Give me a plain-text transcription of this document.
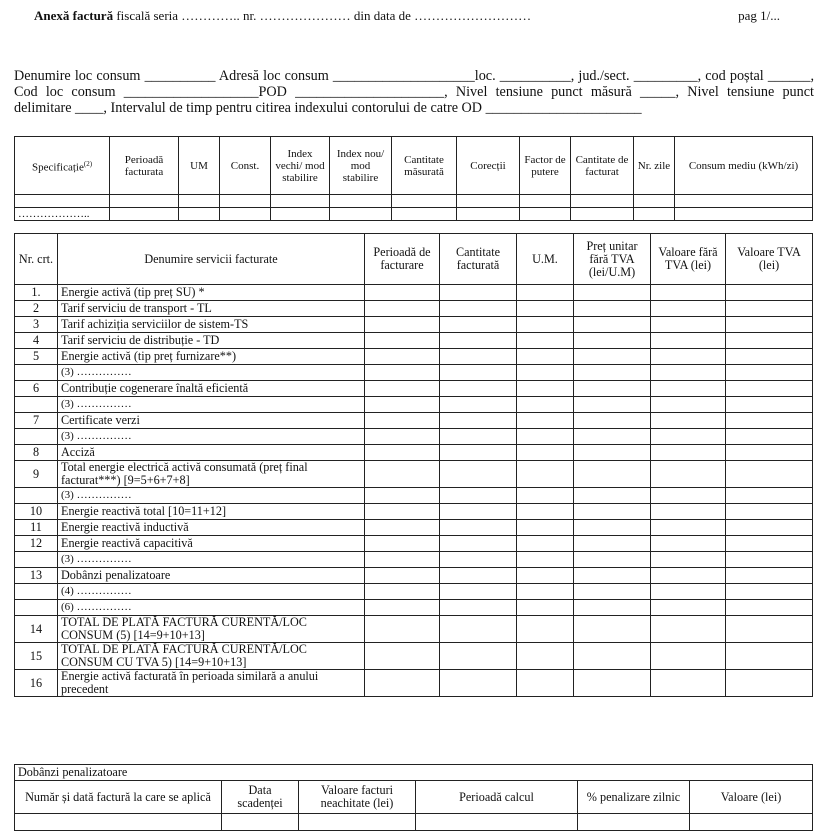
Anexă factură fiscală seria ………….. nr. ………………… din data de ………………………	pag 1/...
Denumire loc consum __________ Adresă loc consum ____________________loc. __________, jud./sect. _________, cod poștal ______, Cod loc consum ___________________POD _____________________, Nivel tensiune punct măsură _____, Nivel tensiune punct delimitare ____, Intervalul de timp pentru citirea indexului contorului de catre OD ______________________
Specificație$^{(2)}$	Perioadă facturata	UM	Const.	Index vechi/ mod stabilire	Index nou/ mod stabilire	Cantitate măsurată	Corecții	Factor de putere	Cantitate de facturat	Nr. zile	Consum mediu (kWh/zi)

………………..											
Nr. crt.	Denumire servicii facturate	Perioadă de facturare	Cantitate facturată	U.M.	Preț unitar fără TVA (lei/U.M)	Valoare fără TVA (lei)	Valoare TVA (lei)
1.	Energie activă (tip preț SU) *						
2	Tarif serviciu de transport - TL						
3	Tarif achiziția serviciilor de sistem-TS						
4	Tarif serviciu de distribuție - TD						
5	Energie activă (tip preț furnizare**)						
	(3) ……………						
6	Contribuție cogenerare înaltă eficientă						
	(3) ……………						
7	Certificate verzi						
	(3) ……………						
8	Acciză						
9	Total energie electrică activă consumată (preț final facturat***) [9=5+6+7+8]						
	(3) ……………						
10	Energie reactivă total [10=11+12]						
11	Energie reactivă inductivă						
12	Energie reactivă capacitivă						
	(3) ……………						
13	Dobânzi penalizatoare						
	(4) ……………						
	(6) ……………						
14	TOTAL DE PLATĂ FACTURĂ CURENTĂ/LOC CONSUM (5) [14=9+10+13]						
15	TOTAL DE PLATĂ FACTURĂ CURENTĂ/LOC CONSUM CU TVA 5) [14=9+10+13]						
16	Energie activă facturată în perioada similară a anului precedent						
Dobânzi penalizatoare					
Număr și dată factură la care se aplică	Data scadenței	Valoare facturi neachitate (lei)	Perioadă calcul	% penalizare zilnic	Valoare (lei)
